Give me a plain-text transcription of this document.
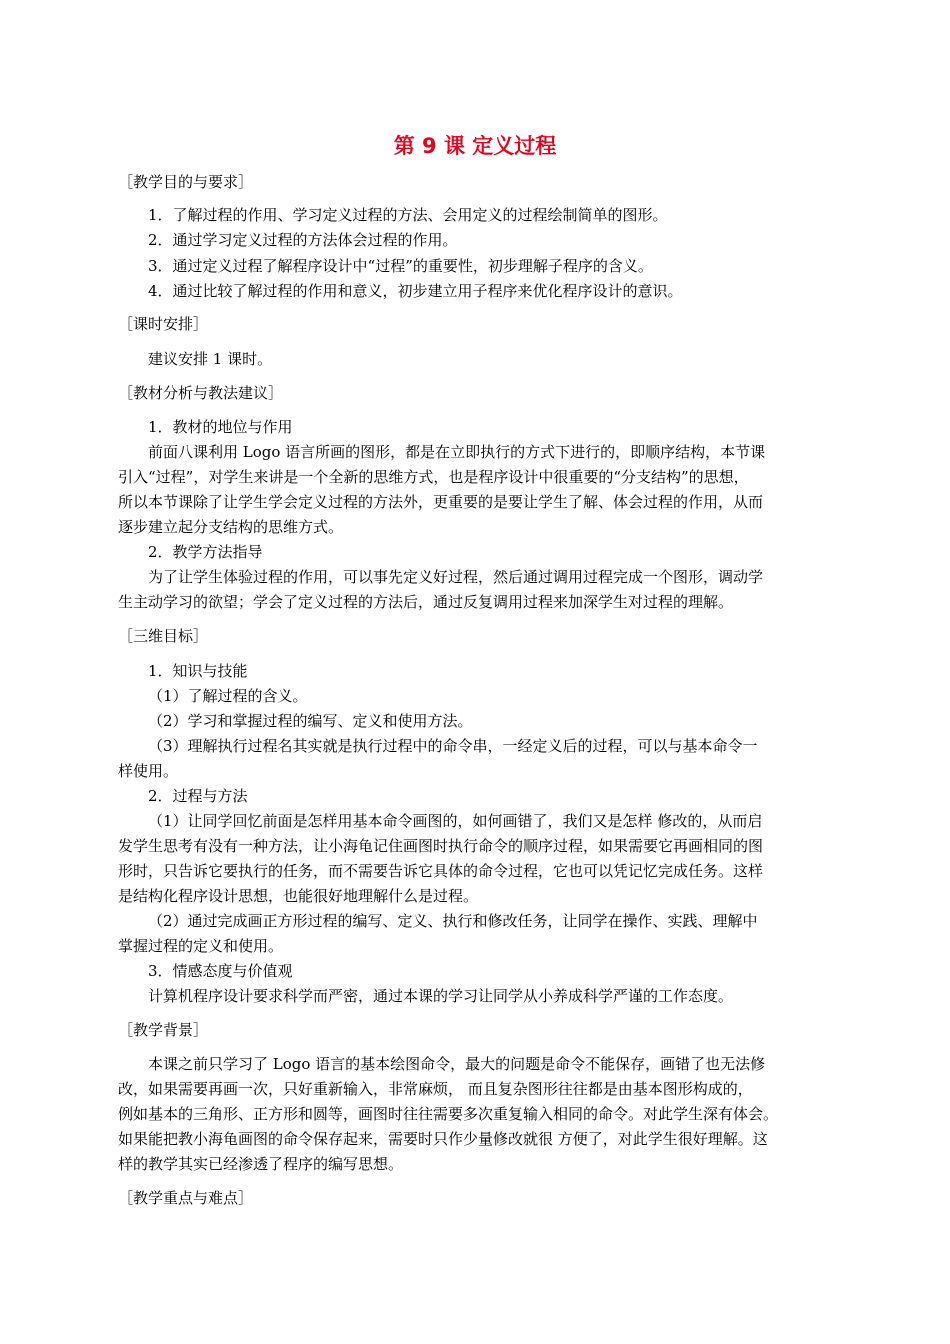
第 9 课 定义过程
［教学目的与要求］
1．了解过程的作用、学习定义过程的方法、会用定义的过程绘制简单的图形。
2．通过学习定义过程的方法体会过程的作用。
3．通过定义过程了解程序设计中“过程”的重要性，初步理解子程序的含义。
4．通过比较了解过程的作用和意义，初步建立用子程序来优化程序设计的意识。
［课时安排］
建议安排 1 课时。
［教材分析与教法建议］
1．教材的地位与作用
前面八课利用 Logo 语言所画的图形，都是在立即执行的方式下进行的，即顺序结构，本节课
引入“过程”，对学生来讲是一个全新的思维方式，也是程序设计中很重要的“分支结构”的思想，
所以本节课除了让学生学会定义过程的方法外，更重要的是要让学生了解、体会过程的作用，从而
逐步建立起分支结构的思维方式。
2．教学方法指导
为了让学生体验过程的作用，可以事先定义好过程，然后通过调用过程完成一个图形，调动学
生主动学习的欲望；学会了定义过程的方法后，通过反复调用过程来加深学生对过程的理解。
［三维目标］
1．知识与技能
（1）了解过程的含义。
（2）学习和掌握过程的编写、定义和使用方法。
（3）理解执行过程名其实就是执行过程中的命令串，一经定义后的过程，可以与基本命令一
样使用。
2．过程与方法
（1）让同学回忆前面是怎样用基本命令画图的，如何画错了，我们又是怎样 修改的，从而启
发学生思考有没有一种方法，让小海龟记住画图时执行命令的顺序过程，如果需要它再画相同的图
形时，只告诉它要执行的任务，而不需要告诉它具体的命令过程，它也可以凭记忆完成任务。这样
是结构化程序设计思想，也能很好地理解什么是过程。
（2）通过完成画正方形过程的编写、定义、执行和修改任务，让同学在操作、实践、理解中
掌握过程的定义和使用。
3．情感态度与价值观
计算机程序设计要求科学而严密，通过本课的学习让同学从小养成科学严谨的工作态度。
［教学背景］
本课之前只学习了 Logo 语言的基本绘图命令，最大的问题是命令不能保存，画错了也无法修
改，如果需要再画一次，只好重新输入，非常麻烦， 而且复杂图形往往都是由基本图形构成的，
例如基本的三角形、正方形和圆等，画图时往往需要多次重复输入相同的命令。对此学生深有体会。
如果能把教小海龟画图的命令保存起来，需要时只作少量修改就很 方便了，对此学生很好理解。这
样的教学其实已经渗透了程序的编写思想。
［教学重点与难点］
